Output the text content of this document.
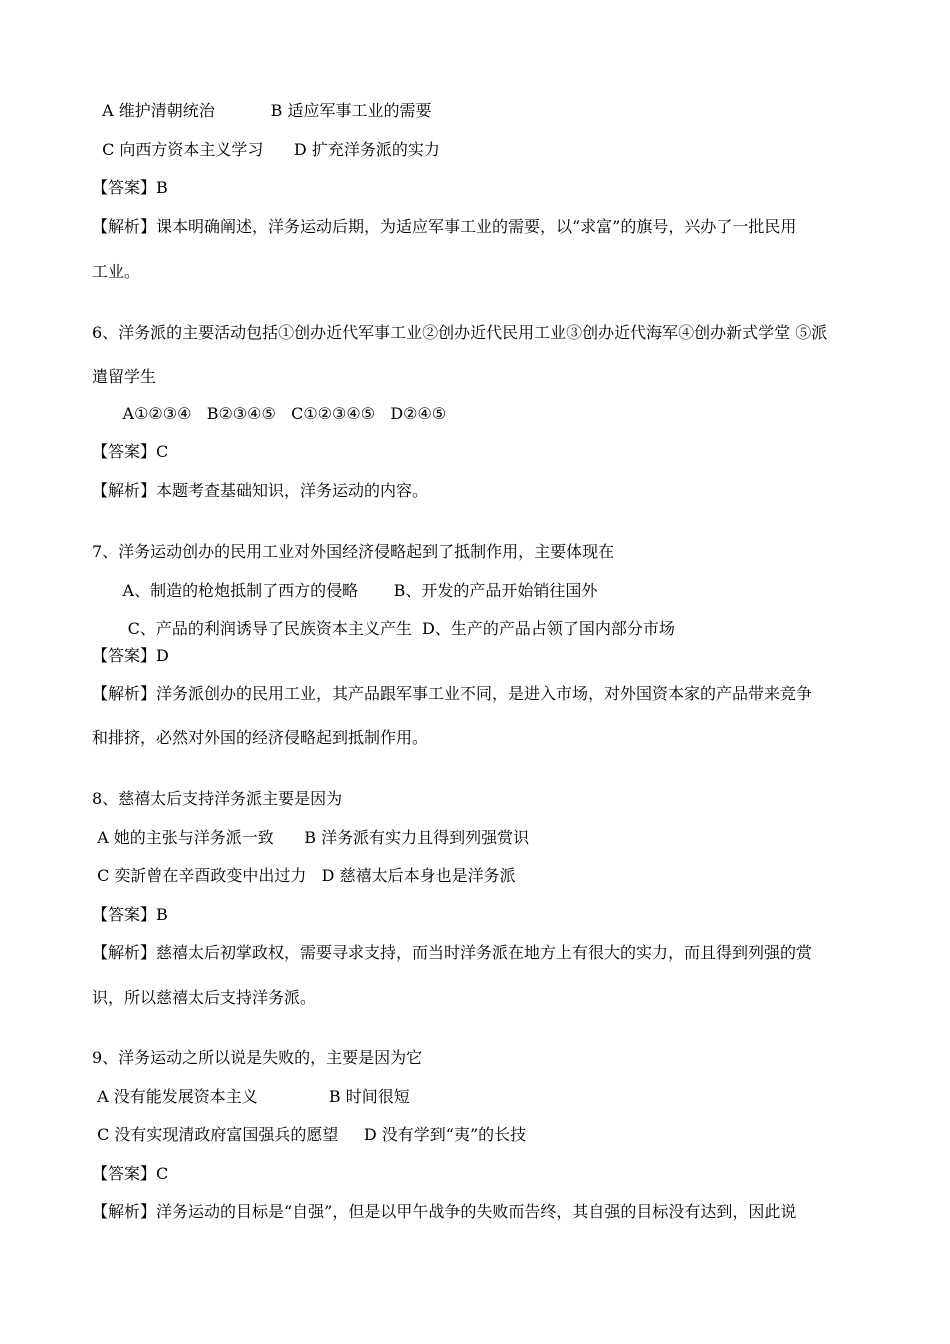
A 维护清朝统治           B 适应军事工业的需要
C 向西方资本主义学习      D 扩充洋务派的实力
【答案】B
【解析】课本明确阐述，洋务运动后期，为适应军事工业的需要，以“求富”的旗号，兴办了一批民用
工业。
6、洋务派的主要活动包括①创办近代军事工业②创办近代民用工业③创办近代海军④创办新式学堂 ⑤派
遣留学生
A①②③④   B②③④⑤   C①②③④⑤   D②④⑤
【答案】C
【解析】本题考查基础知识，洋务运动的内容。
7、洋务运动创办的民用工业对外国经济侵略起到了抵制作用，主要体现在
A、制造的枪炮抵制了西方的侵略       B、开发的产品开始销往国外
C、产品的利润诱导了民族资本主义产生  D、生产的产品占领了国内部分市场
【答案】D
【解析】洋务派创办的民用工业，其产品跟军事工业不同，是进入市场，对外国资本家的产品带来竞争
和排挤，必然对外国的经济侵略起到抵制作用。
8、慈禧太后支持洋务派主要是因为
A 她的主张与洋务派一致      B 洋务派有实力且得到列强赏识
C 奕訢曾在辛酉政变中出过力   D 慈禧太后本身也是洋务派
【答案】B
【解析】慈禧太后初掌政权，需要寻求支持，而当时洋务派在地方上有很大的实力，而且得到列强的赏
识，所以慈禧太后支持洋务派。
9、洋务运动之所以说是失败的，主要是因为它
A 没有能发展资本主义              B 时间很短
C 没有实现清政府富国强兵的愿望     D 没有学到“夷”的长技
【答案】C
【解析】洋务运动的目标是“自强”，但是以甲午战争的失败而告终，其自强的目标没有达到，因此说
